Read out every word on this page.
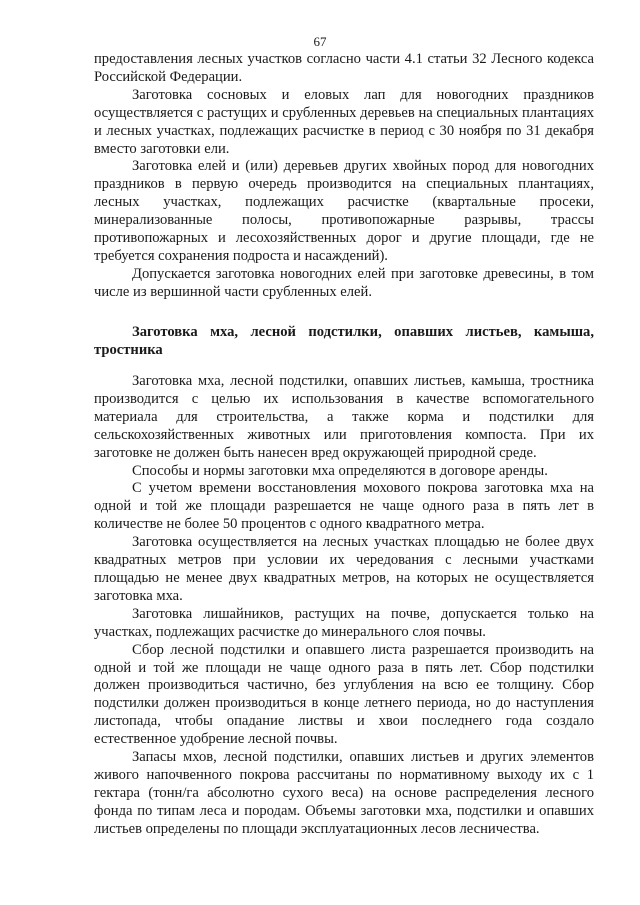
67

предоставления лесных участков согласно части 4.1 статьи 32 Лесного кодекса Российской Федерации.

Заготовка сосновых и еловых лап для новогодних праздников осуществляется с растущих и срубленных деревьев на специальных плантациях и лесных участках, подлежащих расчистке в период с 30 ноября по 31 декабря вместо заготовки ели.

Заготовка елей и (или) деревьев других хвойных пород для новогодних праздников в первую очередь производится на специальных плантациях, лесных участках, подлежащих расчистке (квартальные просеки, минерализованные полосы, противопожарные разрывы, трассы противопожарных и лесохозяйственных дорог и другие площади, где не требуется сохранения подроста и насаждений).

Допускается заготовка новогодних елей при заготовке древесины, в том числе из вершинной части срубленных елей.

Заготовка мха, лесной подстилки, опавших листьев, камыша, тростника

Заготовка мха, лесной подстилки, опавших листьев, камыша, тростника производится с целью их использования в качестве вспомогательного материала для строительства, а также корма и подстилки для сельскохозяйственных животных или приготовления компоста. При их заготовке не должен быть нанесен вред окружающей природной среде.

Способы и нормы заготовки мха определяются в договоре аренды.

С учетом времени восстановления мохового покрова заготовка мха на одной и той же площади разрешается не чаще одного раза в пять лет в количестве не более 50 процентов с одного квадратного метра.

Заготовка осуществляется на лесных участках площадью не более двух квадратных метров при условии их чередования с лесными участками площадью не менее двух квадратных метров, на которых не осуществляется заготовка мха.

Заготовка лишайников, растущих на почве, допускается только на участках, подлежащих расчистке до минерального слоя почвы.

Сбор лесной подстилки и опавшего листа разрешается производить на одной и той же площади не чаще одного раза в пять лет. Сбор подстилки должен производиться частично, без углубления на всю ее толщину. Сбор подстилки должен производиться в конце летнего периода, но до наступления листопада, чтобы опадание листвы и хвои последнего года создало естественное удобрение лесной почвы.

Запасы мхов, лесной подстилки, опавших листьев и других элементов живого напочвенного покрова рассчитаны по нормативному выходу их с 1 гектара (тонн/га абсолютно сухого веса) на основе распределения лесного фонда по типам леса и породам. Объемы заготовки мха, подстилки и опавших листьев определены по площади эксплуатационных лесов лесничества.
